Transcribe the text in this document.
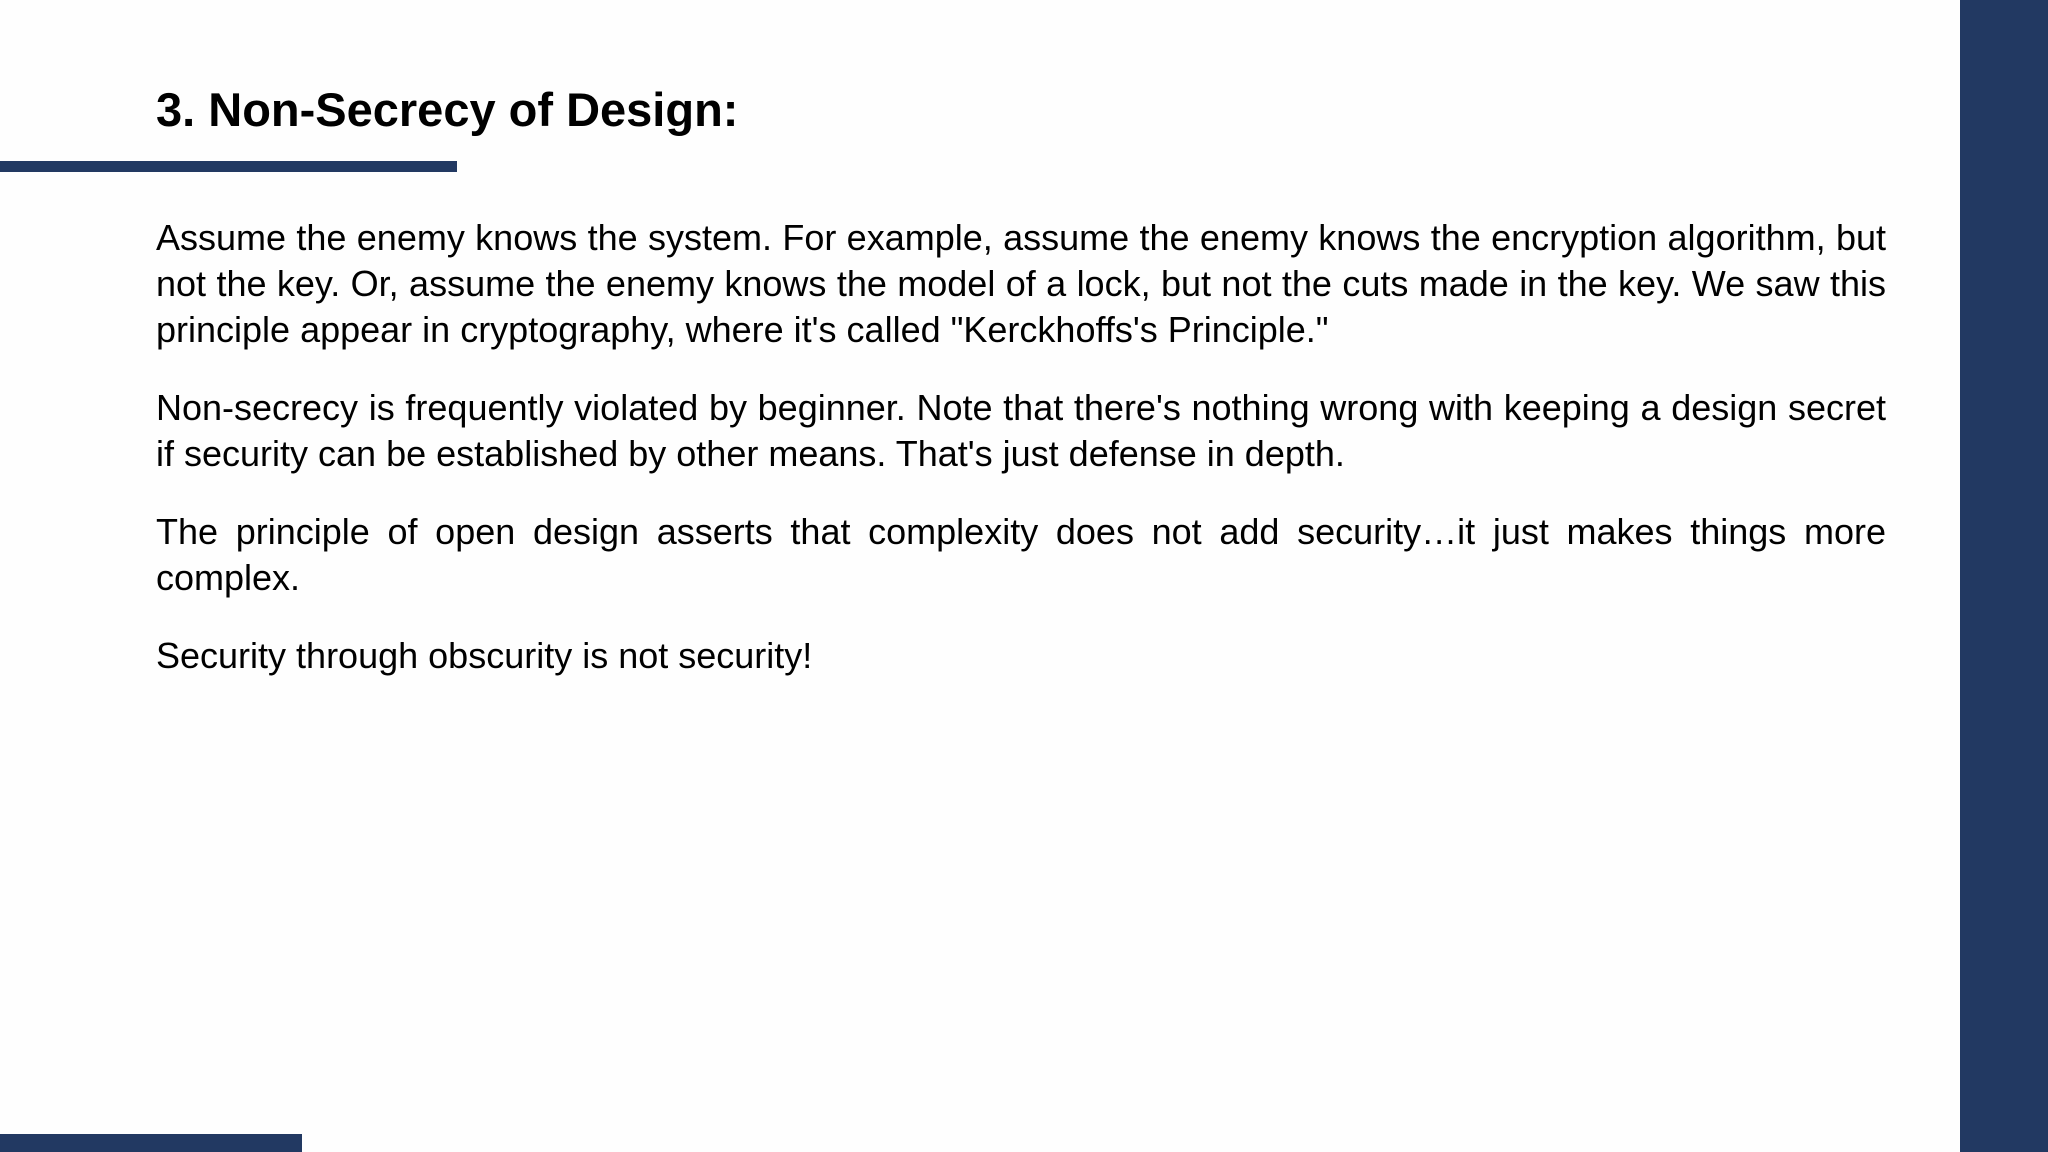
3. Non-Secrecy of Design:

Assume the enemy knows the system. For example, assume the enemy knows the encryption algorithm, but not the key. Or, assume the enemy knows the model of a lock, but not the cuts made in the key. We saw this principle appear in cryptography, where it's called "Kerckhoffs's Principle."

Non-secrecy is frequently violated by beginner. Note that there's nothing wrong with keeping a design secret if security can be established by other means. That's just defense in depth.

The principle of open design asserts that complexity does not add security…it just makes things more complex.

Security through obscurity is not security!
